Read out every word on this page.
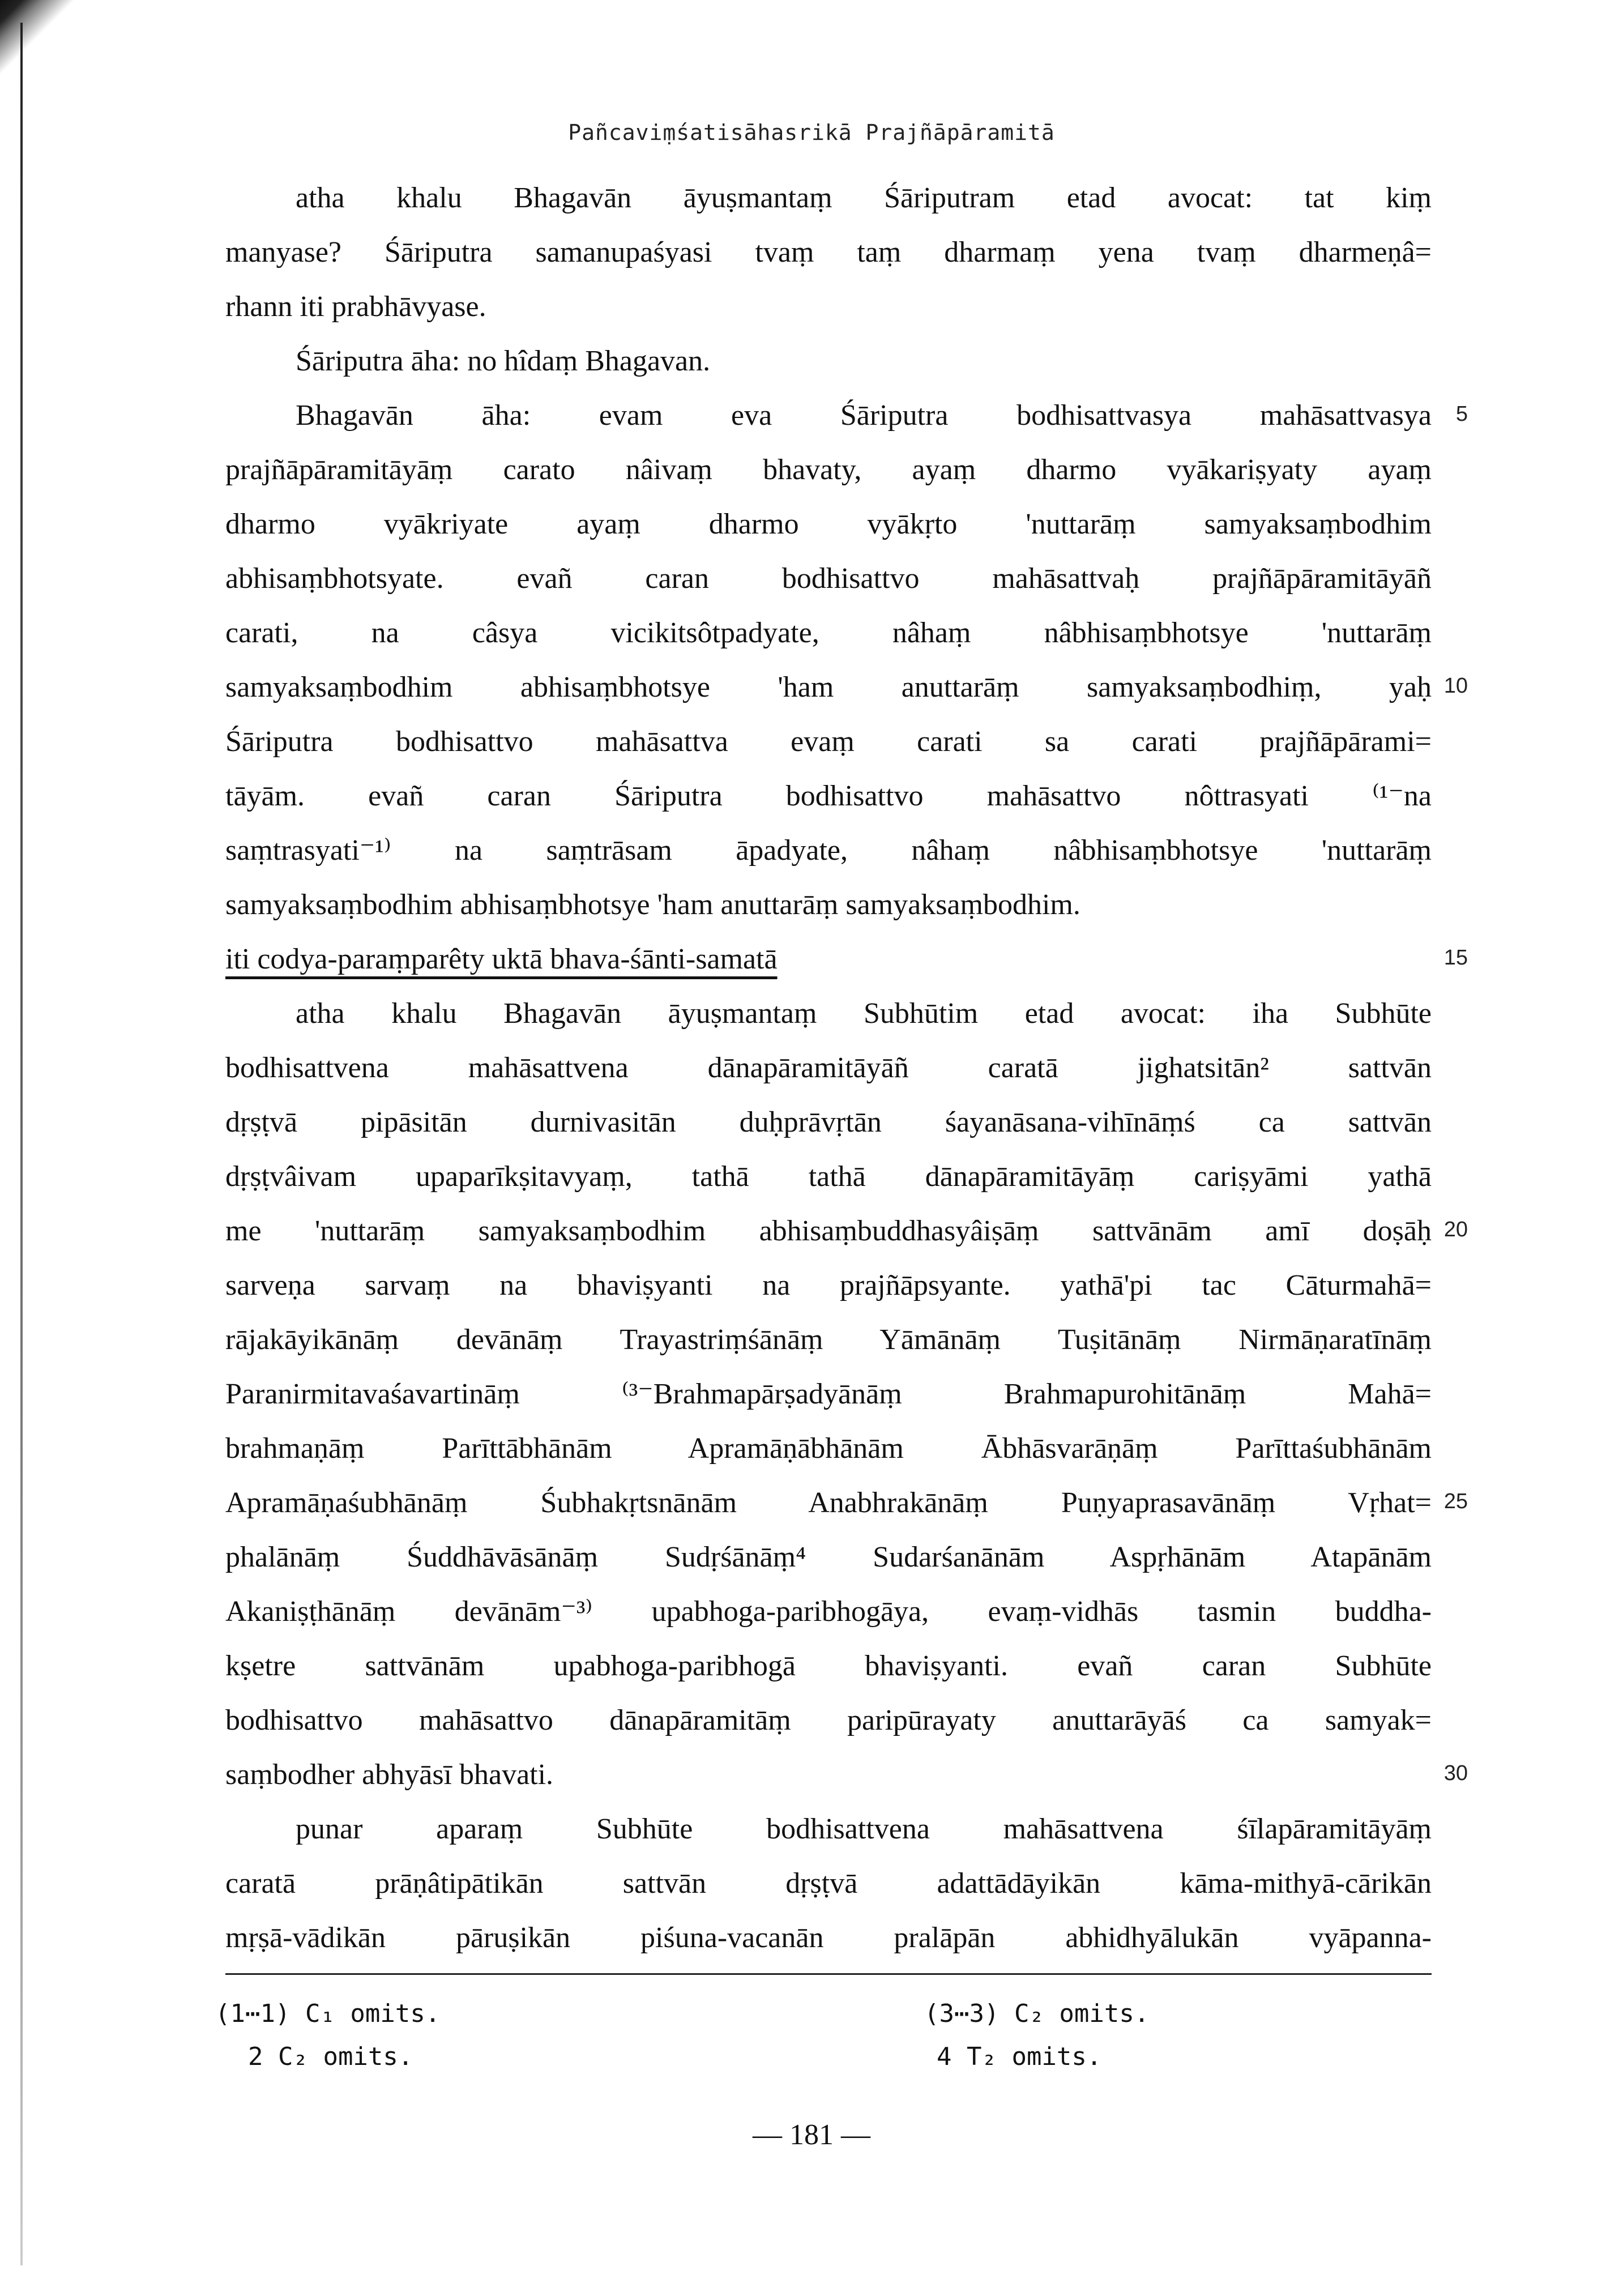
Pañcaviṃśatisāhasrikā Prajñāpāramitā
atha khalu Bhagavān āyuṣmantaṃ Śāriputram etad avocat: tat kiṃ
manyase? Śāriputra samanupaśyasi tvaṃ taṃ dharmaṃ yena tvaṃ dharmeṇâ=
rhann iti prabhāvyase.
Śāriputra āha: no hîdaṃ Bhagavan.
Bhagavān āha: evam eva Śāriputra bodhisattvasya mahāsattvasya
prajñāpāramitāyāṃ carato nâivaṃ bhavaty, ayaṃ dharmo vyākariṣyaty ayaṃ
dharmo vyākriyate ayaṃ dharmo vyākṛto 'nuttarāṃ samyaksaṃbodhim
abhisaṃbhotsyate. evañ caran bodhisattvo mahāsattvaḥ prajñāpāramitāyāñ
carati, na câsya vicikitsôtpadyate, nâhaṃ nâbhisaṃbhotsye 'nuttarāṃ
samyaksaṃbodhim abhisaṃbhotsye 'ham anuttarāṃ samyaksaṃbodhiṃ, yaḥ
Śāriputra bodhisattvo mahāsattva evaṃ carati sa carati prajñāpārami=
tāyām. evañ caran Śāriputra bodhisattvo mahāsattvo nôttrasyati ⁽¹⁻na
saṃtrasyati⁻¹⁾ na saṃtrāsam āpadyate, nâhaṃ nâbhisaṃbhotsye 'nuttarāṃ
samyaksaṃbodhim abhisaṃbhotsye 'ham anuttarāṃ samyaksaṃbodhim.
iti codya-paraṃparêty uktā bhava-śānti-samatā
atha khalu Bhagavān āyuṣmantaṃ Subhūtim etad avocat: iha Subhūte
bodhisattvena mahāsattvena dānapāramitāyāñ caratā jighatsitān² sattvān
dṛṣṭvā pipāsitān durnivasitān duḥprāvṛtān śayanāsana-vihīnāṃś ca sattvān
dṛṣṭvâivam upaparīkṣitavyaṃ, tathā tathā dānapāramitāyāṃ cariṣyāmi yathā
me 'nuttarāṃ samyaksaṃbodhim abhisaṃbuddhasyâiṣāṃ sattvānām amī doṣāḥ
sarveṇa sarvaṃ na bhaviṣyanti na prajñāpsyante. yathā'pi tac Cāturmahā=
rājakāyikānāṃ devānāṃ Trayastriṃśānāṃ Yāmānāṃ Tuṣitānāṃ Nirmāṇaratīnāṃ
Paranirmitavaśavartināṃ ⁽³⁻Brahmapārṣadyānāṃ Brahmapurohitānāṃ Mahā=
brahmaṇāṃ Parīttābhānām Apramāṇābhānām Ābhāsvarāṇāṃ Parīttaśubhānām
Apramāṇaśubhānāṃ Śubhakṛtsnānām Anabhrakānāṃ Puṇyaprasavānāṃ Vṛhat=
phalānāṃ Śuddhāvāsānāṃ Sudṛśānāṃ⁴ Sudarśanānām Aspṛhānām Atapānām
Akaniṣṭhānāṃ devānām⁻³⁾ upabhoga-paribhogāya, evaṃ-vidhās tasmin buddha-
kṣetre sattvānām upabhoga-paribhogā bhaviṣyanti. evañ caran Subhūte
bodhisattvo mahāsattvo dānapāramitāṃ paripūrayaty anuttarāyāś ca samyak=
saṃbodher abhyāsī bhavati.
punar aparaṃ Subhūte bodhisattvena mahāsattvena śīlapāramitāyāṃ
caratā prāṇâtipātikān sattvān dṛṣṭvā adattādāyikān kāma-mithyā-cārikān
mṛṣā-vādikān pāruṣikān piśuna-vacanān pralāpān abhidhyālukān vyāpanna-
5
10
15
20
25
30
(1⋯1) C₁ omits.
2 C₂ omits.
(3⋯3) C₂ omits.
4 T₂ omits.
— 181 —
